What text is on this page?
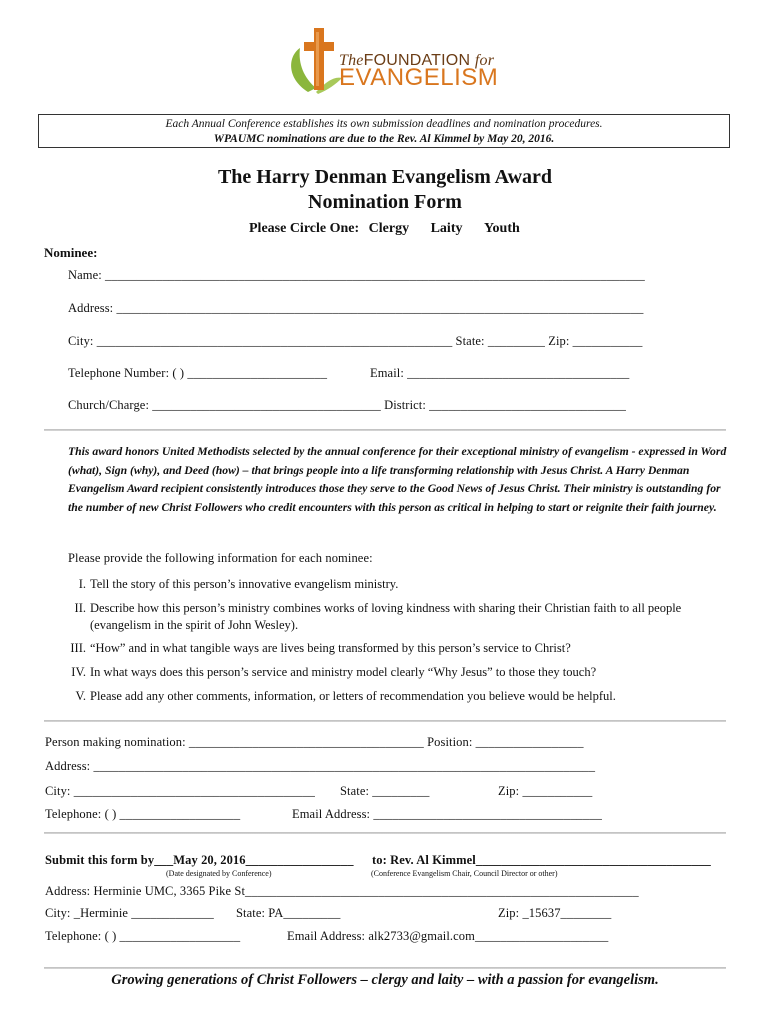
TheFOUNDATION for
EVANGELISM
Each Annual Conference establishes its own submission deadlines and nomination procedures.
WPAUMC nominations are due to the Rev. Al Kimmel by May 20, 2016.
The Harry Denman Evangelism Award
Nomination Form
Please Circle One: Clergy Laity Youth
Nominee:
Name: _____________________________________________________________________________________
Address: ___________________________________________________________________________________
City: ________________________________________________________ State: _________ Zip: ___________
Telephone Number: ( ) ______________________	Email: ___________________________________
Church/Charge: ____________________________________ District: _______________________________
This award honors United Methodists selected by the annual conference for their exceptional ministry of evangelism - expressed in Word (what), Sign (why), and Deed (how) – that brings people into a life transforming relationship with Jesus Christ. A Harry Denman Evangelism Award recipient consistently introduces those they serve to the Good News of Jesus Christ. Their ministry is outstanding for the number of new Christ Followers who credit encounters with this person as critical in helping to start or reignite their faith journey.
Please provide the following information for each nominee:
I. Tell the story of this person’s innovative evangelism ministry.
II. Describe how this person’s ministry combines works of loving kindness with sharing their Christian faith to all people (evangelism in the spirit of John Wesley).
III. “How” and in what tangible ways are lives being transformed by this person’s service to Christ?
IV. In what ways does this person’s service and ministry model clearly “Why Jesus” to those they touch?
V. Please add any other comments, information, or letters of recommendation you believe would be helpful.
Person making nomination: _____________________________________ Position: _________________
Address: _______________________________________________________________________________
City: ______________________________________ State: _________	Zip: ___________
Telephone: ( ) ___________________	Email Address: ____________________________________
Submit this form by___May 20, 2016_________________ to: Rev. Al Kimmel_____________________________________
(Date designated by Conference)	(Conference Evangelism Chair, Council Director or other)
Address: Herminie UMC, 3365 Pike St______________________________________________________________
City: _Herminie _____________ State: PA_________	Zip: _15637________
Telephone: ( ) ___________________	Email Address: alk2733@gmail.com_____________________
Growing generations of Christ Followers – clergy and laity – with a passion for evangelism.
